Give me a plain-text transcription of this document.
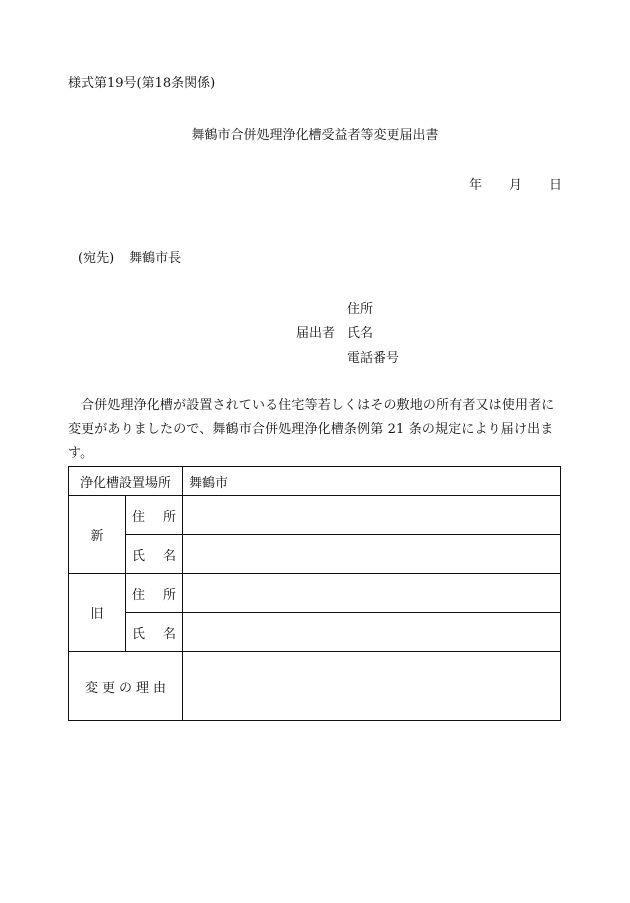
様式第19号(第18条関係)
舞鶴市合併処理浄化槽受益者等変更届出書
年 月 日
(宛先) 舞鶴市長
届出者
住所
氏名
電話番号
合併処理浄化槽が設置されている住宅等若しくはその敷地の所有者又は使用者に変更がありましたので、舞鶴市合併処理浄化槽条例第 21 条の規定により届け出ます。
浄化槽設置場所		舞鶴市
新	住 所	

	氏 名	

旧	住 所	

	氏 名	

変 更 の 理 由		
